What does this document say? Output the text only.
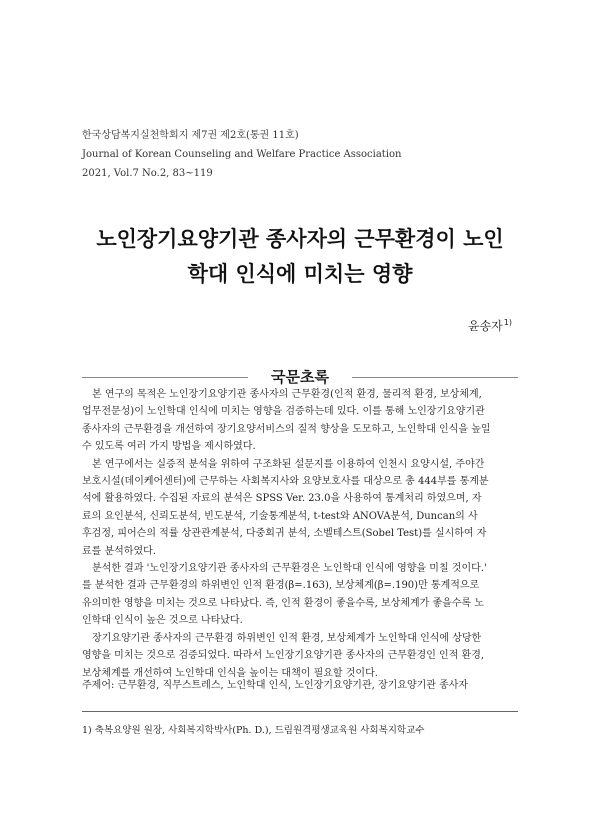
한국상담복지실천학회지 제7권 제2호(통권 11호)
Journal of Korean Counseling and Welfare Practice Association
2021, Vol.7 No.2, 83~119
노인장기요양기관 종사자의 근무환경이 노인
학대 인식에 미치는 영향
윤송자$^{1)}$
국문초록
본 연구의 목적은 노인장기요양기관 종사자의 근무환경(인적 환경, 물리적 환경, 보상체계,
업무전문성)이 노인학대 인식에 미치는 영향을 검증하는데 있다. 이를 통해 노인장기요양기관
종사자의 근무환경을 개선하여 장기요양서비스의 질적 향상을 도모하고, 노인학대 인식을 높일
수 있도록 여러 가지 방법을 제시하였다.
본 연구에서는 실증적 분석을 위하여 구조화된 설문지를 이용하여 인천시 요양시설, 주야간
보호시설(데이케어센터)에 근무하는 사회복지사와 요양보호사를 대상으로 총 444부를 통계분
석에 활용하였다. 수집된 자료의 분석은 SPSS Ver. 23.0을 사용하여 통계처리 하였으며, 자
료의 요인분석, 신뢰도분석, 빈도분석, 기술통계분석, t-test와 ANOVA분석, Duncan의 사
후검정, 피어슨의 적률 상관관계분석, 다중회귀 분석, 소벨테스트(Sobel Test)를 실시하여 자
료를 분석하였다.
분석한 결과 '노인장기요양기관 종사자의 근무환경은 노인학대 인식에 영향을 미칠 것이다.'
를 분석한 결과 근무환경의 하위변인 인적 환경(β=.163), 보상체계(β=.190)만 통계적으로
유의미한 영향을 미치는 것으로 나타났다. 즉, 인적 환경이 좋을수록, 보상체계가 좋을수록 노
인학대 인식이 높은 것으로 나타났다.
장기요양기관 종사자의 근무환경 하위변인 인적 환경, 보상체계가 노인학대 인식에 상당한
영향을 미치는 것으로 검증되었다. 따라서 노인장기요양기관 종사자의 근무환경인 인적 환경,
보상체계를 개선하여 노인학대 인식을 높이는 대책이 필요할 것이다.
주제어: 근무환경, 직무스트레스, 노인학대 인식, 노인장기요양기관, 장기요양기관 종사자
1) 축복요양원 원장, 사회복지학박사(Ph. D.), 드림원격평생교육원 사회복지학교수
